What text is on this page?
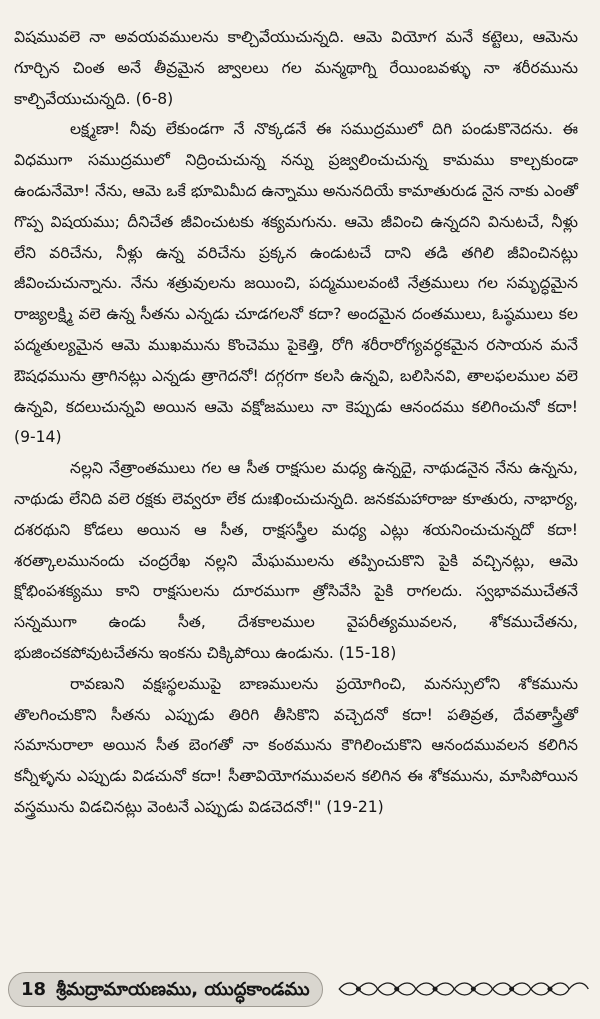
విషమువలె నా అవయవములను కాల్చివేయుచున్నది. ఆమె వియోగ మనే కట్టెలు, ఆమెను గూర్చిన చింత అనే తీవ్రమైన జ్వాలలు గల మన్మథాగ్ని రేయింబవళ్ళు నా శరీరమును కాల్చివేయుచున్నది. (6-8)

లక్ష్మణా! నీవు లేకుండగా నే నొక్కడనే ఈ సముద్రములో దిగి పండుకొనెదను. ఈ విధముగా సముద్రములో నిద్రించుచున్న నన్ను ప్రజ్వలించుచున్న కామము కాల్చకుండా ఉండునేమో! నేను, ఆమె ఒకే భూమిమీద ఉన్నాము అనునదియే కామాతురుడ నైన నాకు ఎంతో గొప్ప విషయము; దీనిచేత జీవించుటకు శక్యమగును. ఆమె జీవించి ఉన్నదని వినుటచే, నీళ్లు లేని వరిచేను, నీళ్లు ఉన్న వరిచేను ప్రక్కన ఉండుటచే దాని తడి తగిలి జీవించినట్లు జీవించుచున్నాను. నేను శత్రువులను జయించి, పద్మములవంటి నేత్రములు గల సమృద్ధమైన రాజ్యలక్ష్మి వలె ఉన్న సీతను ఎన్నడు చూడగలనో కదా? అందమైన దంతములు, ఓష్ఠములు కల పద్మతుల్యమైన ఆమె ముఖమును కొంచెము పైకెత్తి, రోగి శరీరారోగ్యవర్ధకమైన రసాయన మనే ఔషధమును త్రాగినట్లు ఎన్నడు త్రాగెదనో! దగ్గరగా కలసి ఉన్నవి, బలిసినవి, తాలఫలముల వలె ఉన్నవి, కదలుచున్నవి అయిన ఆమె వక్షోజములు నా కెప్పుడు ఆనందము కలిగించునో కదా! (9-14)

నల్లని నేత్రాంతములు గల ఆ సీత రాక్షసుల మధ్య ఉన్నదై, నాథుడనైన నేను ఉన్నను, నాథుడు లేనిది వలె రక్షకు లెవ్వరూ లేక దుఃఖించుచున్నది. జనకమహారాజు కూతురు, నాభార్య, దశరథుని కోడలు అయిన ఆ సీత, రాక్షసస్త్రీల మధ్య ఎట్లు శయనించుచున్నదో కదా! శరత్కాలమునందు చంద్రరేఖ నల్లని మేఘములను తప్పించుకొని పైకి వచ్చినట్లు, ఆమె క్షోభింపశక్యము కాని రాక్షసులను దూరముగా త్రోసివేసి పైకి రాగలదు. స్వభావముచేతనే సన్నముగా ఉండు సీత, దేశకాలముల వైపరీత్యమువలన, శోకముచేతను, భుజించకపోవుటచేతను ఇంకను చిక్కిపోయి ఉండును. (15-18)

రావణుని వక్షఃస్థలముపై బాణములను ప్రయోగించి, మనస్సులోని శోకమును తొలగించుకొని సీతను ఎప్పుడు తిరిగి తీసికొని వచ్చెదనో కదా! పతివ్రత, దేవతాస్త్రీతో సమానురాలా అయిన సీత బెంగతో నా కంఠమును కౌగిలించుకొని ఆనందమువలన కలిగిన కన్నీళ్ళను ఎప్పుడు విడచునో కదా! సీతావియోగమువలన కలిగిన ఈ శోకమును, మాసిపోయిన వస్త్రమును విడచినట్లు వెంటనే ఎప్పుడు విడచెదనో!" (19-21)

18 శ్రీమద్రామాయణము, యుద్ధకాండము
